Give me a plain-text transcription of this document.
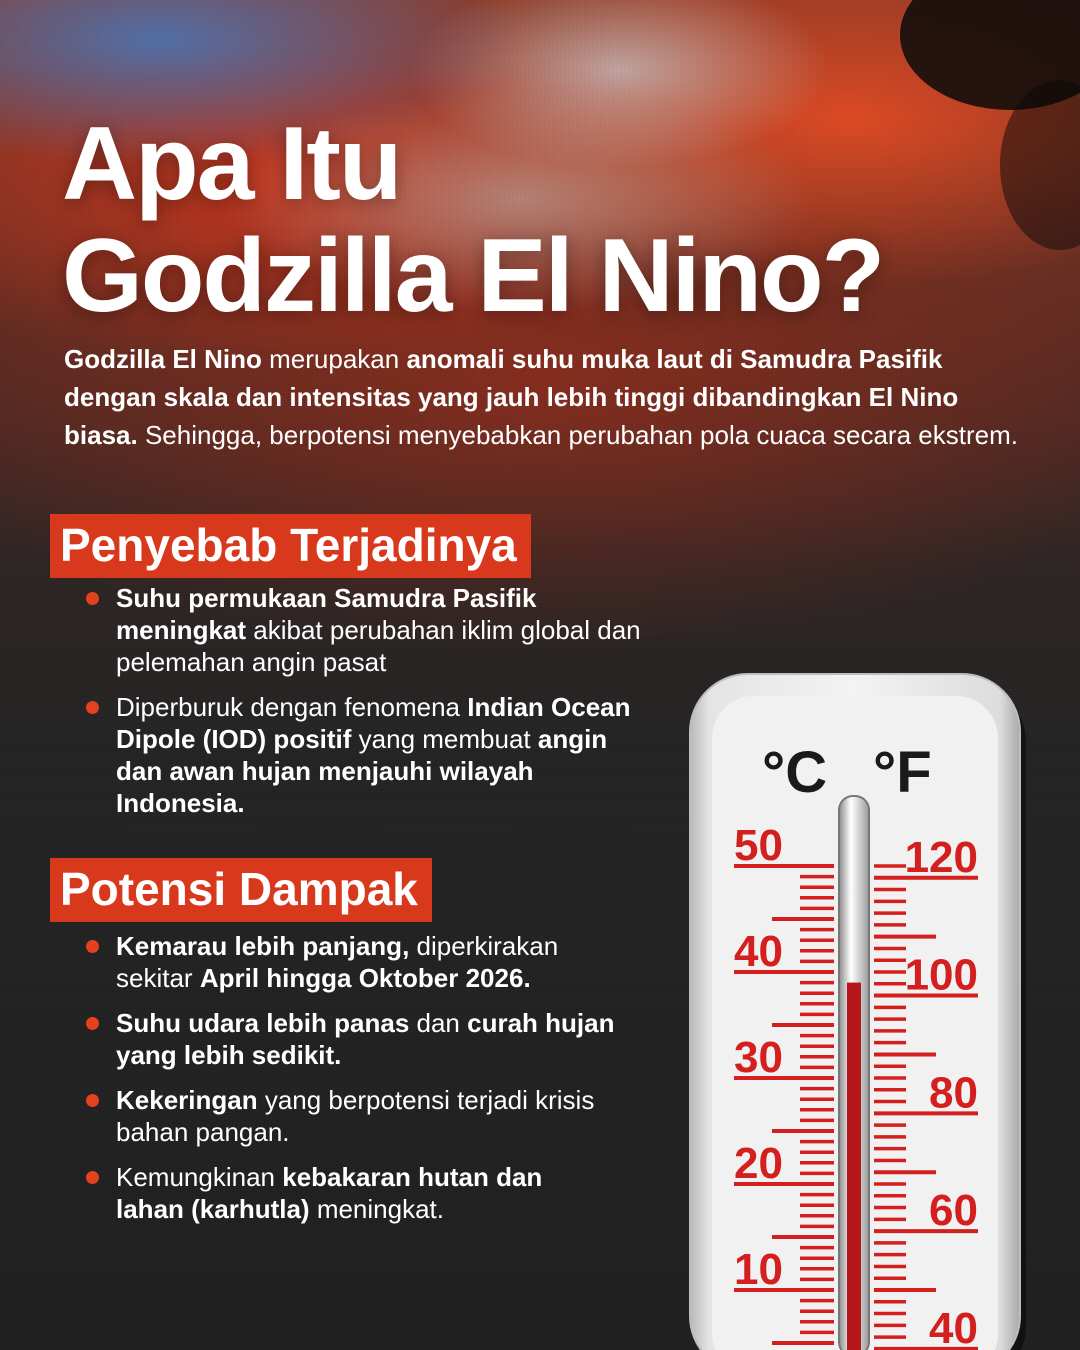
Apa Itu
Godzilla El Nino?

Godzilla El Nino merupakan anomali suhu muka laut di Samudra Pasifik dengan skala dan intensitas yang jauh lebih tinggi dibandingkan El Nino biasa. Sehingga, berpotensi menyebabkan perubahan pola cuaca secara ekstrem.

Penyebab Terjadinya
Suhu permukaan Samudra Pasifik meningkat akibat perubahan iklim global dan pelemahan angin pasat
Diperburuk dengan fenomena Indian Ocean Dipole (IOD) positif yang membuat angin dan awan hujan menjauhi wilayah Indonesia.
Potensi Dampak
Kemarau lebih panjang, diperkirakan sekitar April hingga Oktober 2026.
Suhu udara lebih panas dan curah hujan yang lebih sedikit.
Kekeringan yang berpotensi terjadi krisis bahan pangan.
Kemungkinan kebakaran hutan dan lahan (karhutla) meningkat.
°C °F
50
40
30
20
10
120
100
80
60
40
